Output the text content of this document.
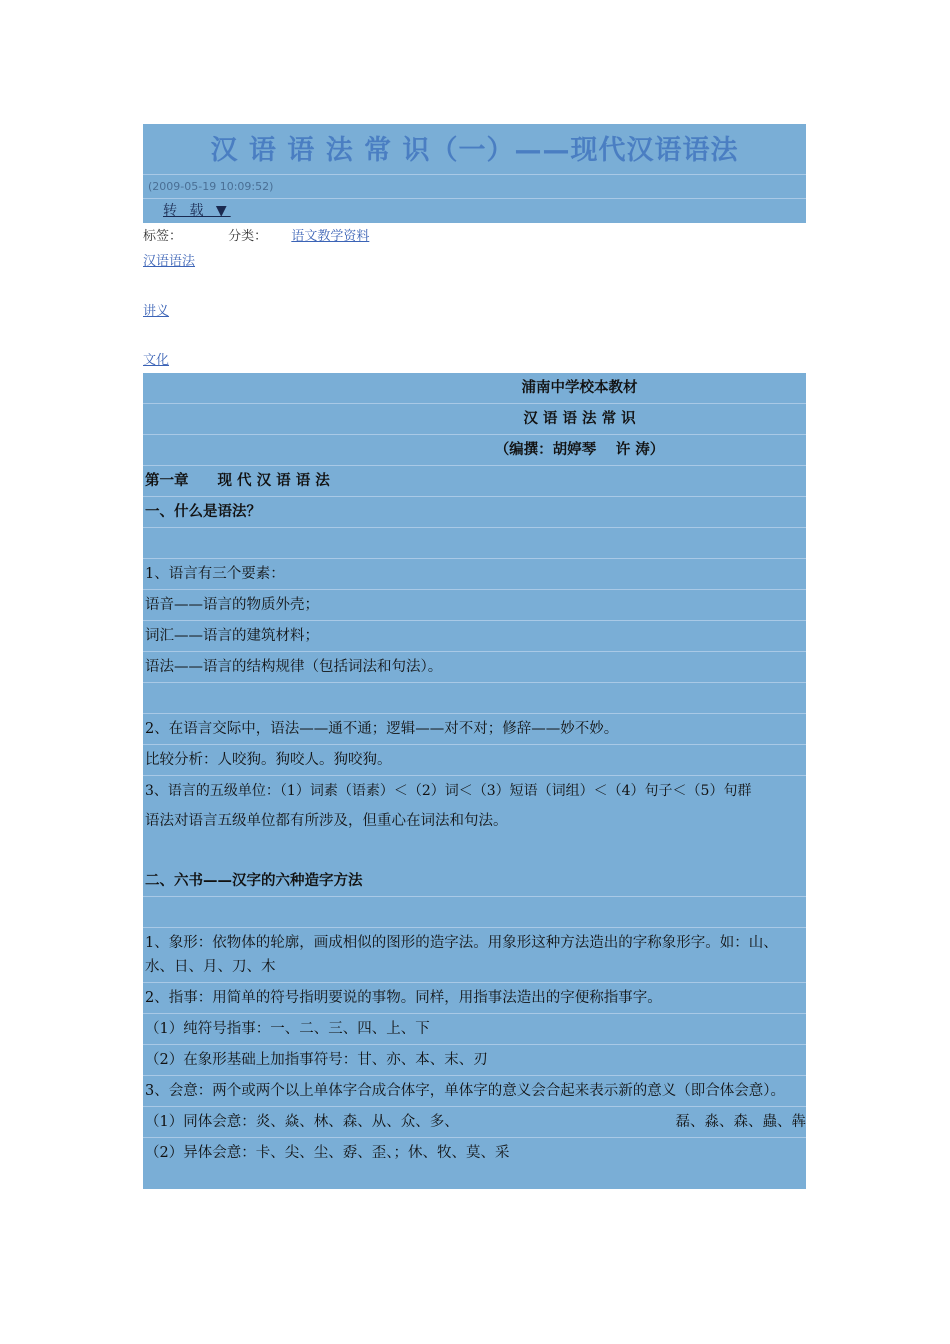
汉 语 语 法 常 识（一）——现代汉语语法
(2009-05-19 10:09:52)
转 载 ▼
标签：	分类： 语文教学资料
汉语语法
讲义
文化
浦南中学校本教材
汉 语 语 法 常 识
（编撰：胡婷琴　 许 涛）
第一章　　现 代 汉 语 语 法
一、什么是语法？
1、语言有三个要素：
语音——语言的物质外壳；
词汇——语言的建筑材料；
语法——语言的结构规律（包括词法和句法）。
2、在语言交际中，语法——通不通；逻辑——对不对；修辞——妙不妙。
比较分析：人咬狗。狗咬人。狗咬狗。
3、语言的五级单位：（1）词素（语素）＜（2）词＜（3）短语（词组）＜（4）句子＜（5）句群
语法对语言五级单位都有所涉及，但重心在词法和句法。
二、六书——汉字的六种造字方法
1、象形：依物体的轮廓，画成相似的图形的造字法。用象形这种方法造出的字称象形字。如：山、水、日、月、刀、木
2、指事：用简单的符号指明要说的事物。同样，用指事法造出的字便称指事字。
（1）纯符号指事：一、二、三、四、上、下
（2）在象形基础上加指事符号：甘、亦、本、末、刃
3、会意：两个或两个以上单体字合成合体字，单体字的意义会合起来表示新的意义（即合体会意）。
（1）同体会意：炎、焱、林、森、从、众、多、	磊、淼、森、蟲、犇
（2）异体会意：卡、尖、尘、孬、歪、；休、牧、莫、采
